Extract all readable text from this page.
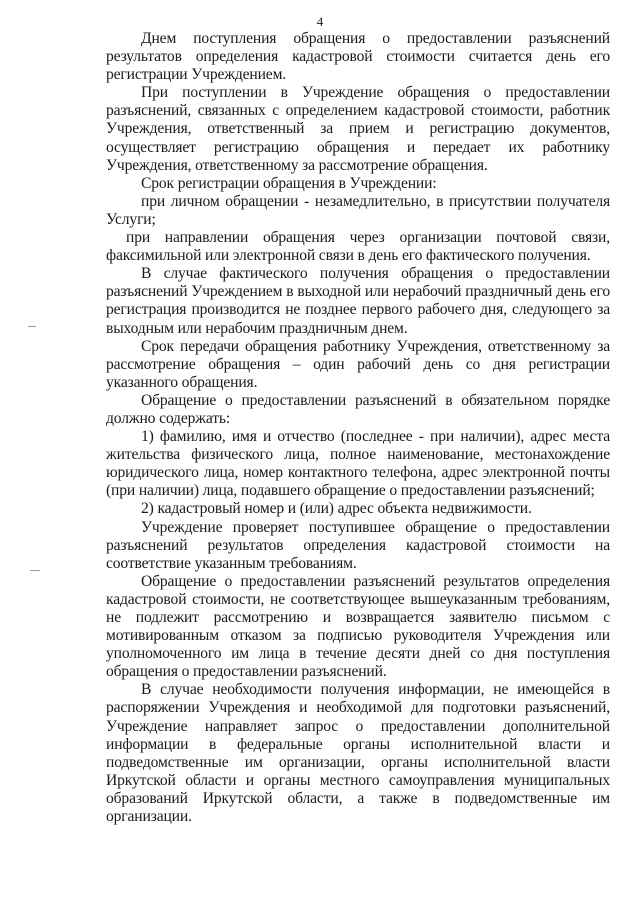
4

Днем поступления обращения о предоставлении разъяснений результатов определения кадастровой стоимости считается день его регистрации Учреждением.

При поступлении в Учреждение обращения о предоставлении разъяснений, связанных с определением кадастровой стоимости, работник Учреждения, ответственный за прием и регистрацию документов, осуществляет регистрацию обращения и передает их работнику Учреждения, ответственному за рассмотрение обращения.

Срок регистрации обращения в Учреждении:

при личном обращении - незамедлительно, в присутствии получателя Услуги;

при направлении обращения через организации почтовой связи, факсимильной или электронной связи в день его фактического получения.

В случае фактического получения обращения о предоставлении разъяснений Учреждением в выходной или нерабочий праздничный день его регистрация производится не позднее первого рабочего дня, следующего за выходным или нерабочим праздничным днем.

Срок передачи обращения работнику Учреждения, ответственному за рассмотрение обращения – один рабочий день со дня регистрации указанного обращения.

Обращение о предоставлении разъяснений в обязательном порядке должно содержать:

1) фамилию, имя и отчество (последнее - при наличии), адрес места жительства физического лица, полное наименование, местонахождение юридического лица, номер контактного телефона, адрес электронной почты (при наличии) лица, подавшего обращение о предоставлении разъяснений;

2) кадастровый номер и (или) адрес объекта недвижимости.

Учреждение проверяет поступившее обращение о предоставлении разъяснений результатов определения кадастровой стоимости на соответствие указанным требованиям.

Обращение о предоставлении разъяснений результатов определения кадастровой стоимости, не соответствующее вышеуказанным требованиям, не подлежит рассмотрению и возвращается заявителю письмом с мотивированным отказом за подписью руководителя Учреждения или уполномоченного им лица в течение десяти дней со дня поступления обращения о предоставлении разъяснений.

В случае необходимости получения информации, не имеющейся в распоряжении Учреждения и необходимой для подготовки разъяснений, Учреждение направляет запрос о предоставлении дополнительной информации в федеральные органы исполнительной власти и подведомственные им организации, органы исполнительной власти Иркутской области и органы местного самоуправления муниципальных образований Иркутской области, а также в подведомственные им организации.
